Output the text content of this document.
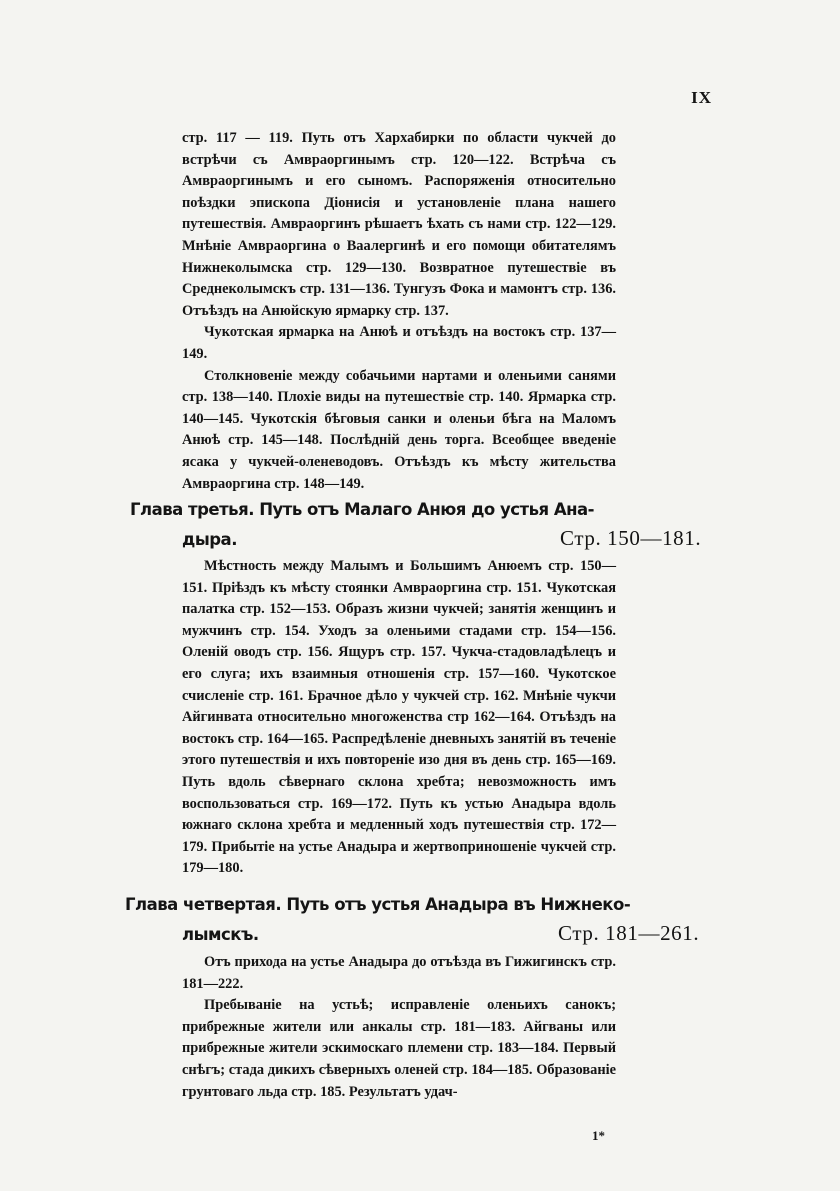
IX

стр. 117 — 119. Путь отъ Хархабирки по области чукчей до встрѣчи съ Амвраоргинымъ стр. 120—122. Встрѣча съ Амвраоргинымъ и его сыномъ. Распоряженія относительно поѣздки эпископа Діонисія и установленіе плана нашего путешествія. Амвраоргинъ рѣшаетъ ѣхать съ нами стр. 122—129. Мнѣніе Амвраоргина о Ваалергинѣ и его помощи обитателямъ Нижнеколымска стр. 129—130. Возвратное путешествіе въ Среднеколымскъ стр. 131—136. Тунгузъ Фока и мамонтъ стр. 136. Отъѣздъ на Анюйскую ярмарку стр. 137.

Чукотская ярмарка на Анюѣ и отъѣздъ на востокъ стр. 137—149.

Столкновеніе между собачьими нартами и оленьими санями стр. 138—140. Плохіе виды на путешествіе стр. 140. Ярмарка стр. 140—145. Чукотскія бѣговыя санки и оленьи бѣга на Маломъ Анюѣ стр. 145—148. Послѣдній день торга. Всеобщее введеніе ясака у чукчей-оленеводовъ. Отъѣздъ къ мѣсту жительства Амвраоргина стр. 148—149.

Глава третья. Путь отъ Малаго Анюя до устья Ана-
дыра.	Стр. 150—181.

Мѣстность между Малымъ и Большимъ Анюемъ стр. 150—151. Пріѣздъ къ мѣсту стоянки Амвраоргина стр. 151. Чукотская палатка стр. 152—153. Образъ жизни чукчей; занятія женщинъ и мужчинъ стр. 154. Уходъ за оленьими стадами стр. 154—156. Оленій оводъ стр. 156. Ящуръ стр. 157. Чукча-стадовладѣлецъ и его слуга; ихъ взаимныя отношенія стр. 157—160. Чукотское счисленіе стр. 161. Брачное дѣло у чукчей стр. 162. Мнѣніе чукчи Айгинвата относительно многоженства стр 162—164. Отъѣздъ на востокъ стр. 164—165. Распредѣленіе дневныхъ занятій въ теченіе этого путешествія и ихъ повтореніе изо дня въ день стр. 165—169. Путь вдоль сѣвернаго склона хребта; невозможность имъ воспользоваться стр. 169—172. Путь къ устью Анадыра вдоль южнаго склона хребта и медленный ходъ путешествія стр. 172—179. Прибытіе на устье Анадыра и жертвоприношеніе чукчей стр. 179—180.

Глава четвертая. Путь отъ устья Анадыра въ Нижнеко-
лымскъ.	Стр. 181—261.

Отъ прихода на устье Анадыра до отъѣзда въ Гижигинскъ стр. 181—222.

Пребываніе на устьѣ; исправленіе оленьихъ санокъ; прибрежные жители или анкалы стр. 181—183. Айгваны или прибрежные жители эскимоскаго племени стр. 183—184. Первый снѣгъ; стада дикихъ сѣверныхъ оленей стр. 184—185. Образованіе грунтоваго льда стр. 185. Результатъ удач-

1*
